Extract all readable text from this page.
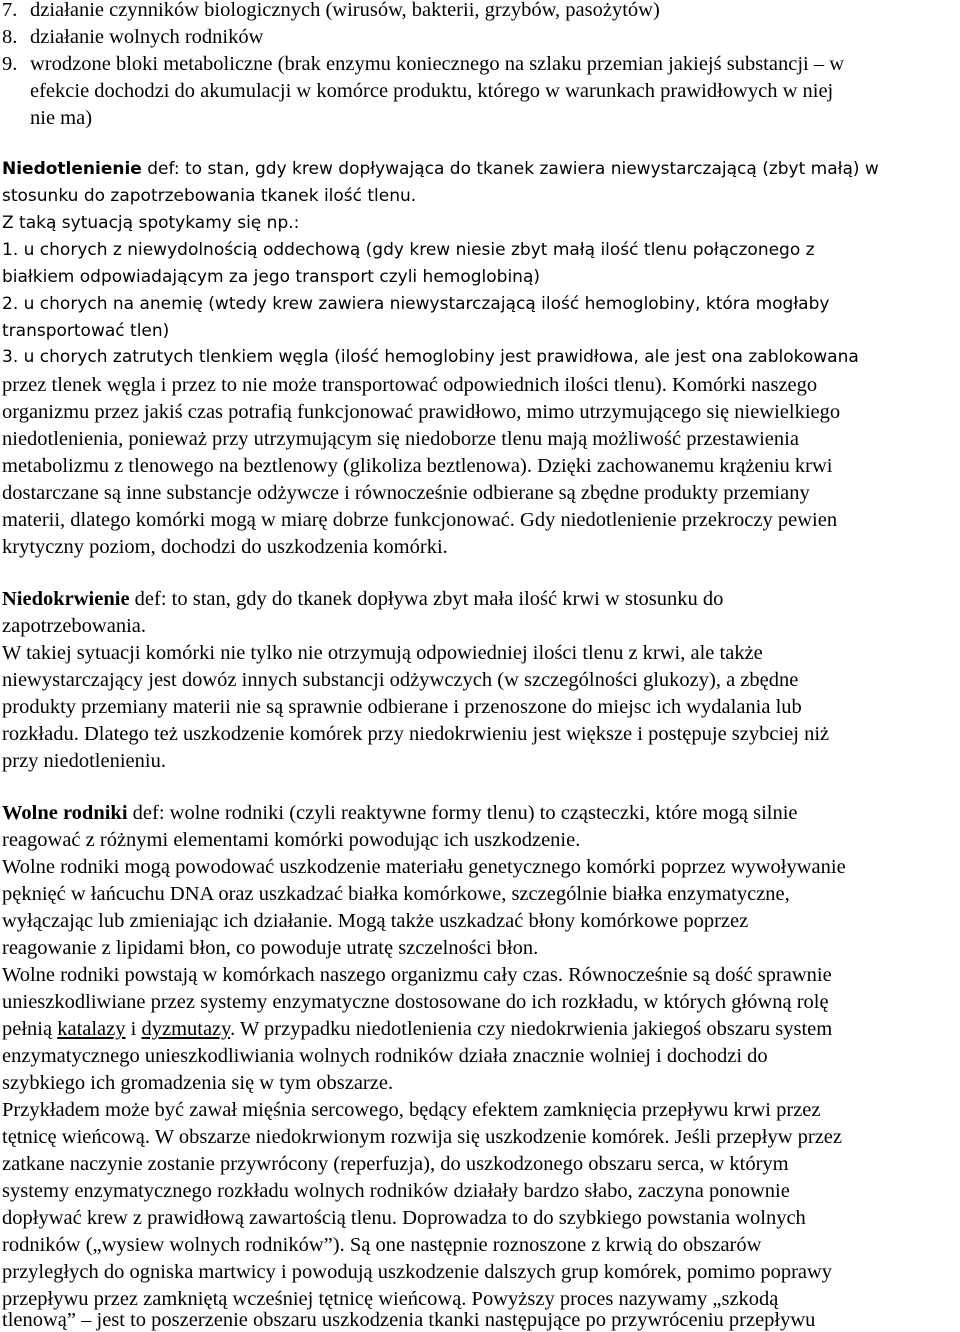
7. działanie czynników biologicznych (wirusów, bakterii, grzybów, pasożytów)
8. działanie wolnych rodników
9. wrodzone bloki metaboliczne (brak enzymu koniecznego na szlaku przemian jakiejś substancji – w
efekcie dochodzi do akumulacji w komórce produktu, którego w warunkach prawidłowych w niej
nie ma)
Niedotlenienie def: to stan, gdy krew dopływająca do tkanek zawiera niewystarczającą (zbyt małą) w
stosunku do zapotrzebowania tkanek ilość tlenu.
Z taką sytuacją spotykamy się np.:
1. u chorych z niewydolnością oddechową (gdy krew niesie zbyt małą ilość tlenu połączonego z
białkiem odpowiadającym za jego transport czyli hemoglobiną)
2. u chorych na anemię (wtedy krew zawiera niewystarczającą ilość hemoglobiny, która mogłaby
transportować tlen)
3. u chorych zatrutych tlenkiem węgla (ilość hemoglobiny jest prawidłowa, ale jest ona zablokowana
przez tlenek węgla i przez to nie może transportować odpowiednich ilości tlenu). Komórki naszego
organizmu przez jakiś czas potrafią funkcjonować prawidłowo, mimo utrzymującego się niewielkiego
niedotlenienia, ponieważ przy utrzymującym się niedoborze tlenu mają możliwość przestawienia
metabolizmu z tlenowego na beztlenowy (glikoliza beztlenowa). Dzięki zachowanemu krążeniu krwi
dostarczane są inne substancje odżywcze i równocześnie odbierane są zbędne produkty przemiany
materii, dlatego komórki mogą w miarę dobrze funkcjonować. Gdy niedotlenienie przekroczy pewien
krytyczny poziom, dochodzi do uszkodzenia komórki.
Niedokrwienie def: to stan, gdy do tkanek dopływa zbyt mała ilość krwi w stosunku do
zapotrzebowania.
W takiej sytuacji komórki nie tylko nie otrzymują odpowiedniej ilości tlenu z krwi, ale także
niewystarczający jest dowóz innych substancji odżywczych (w szczególności glukozy), a zbędne
produkty przemiany materii nie są sprawnie odbierane i przenoszone do miejsc ich wydalania lub
rozkładu. Dlatego też uszkodzenie komórek przy niedokrwieniu jest większe i postępuje szybciej niż
przy niedotlenieniu.
Wolne rodniki def: wolne rodniki (czyli reaktywne formy tlenu) to cząsteczki, które mogą silnie
reagować z różnymi elementami komórki powodując ich uszkodzenie.
Wolne rodniki mogą powodować uszkodzenie materiału genetycznego komórki poprzez wywoływanie
pęknięć w łańcuchu DNA oraz uszkadzać białka komórkowe, szczególnie białka enzymatyczne,
wyłączając lub zmieniając ich działanie. Mogą także uszkadzać błony komórkowe poprzez
reagowanie z lipidami błon, co powoduje utratę szczelności błon.
Wolne rodniki powstają w komórkach naszego organizmu cały czas. Równocześnie są dość sprawnie
unieszkodliwiane przez systemy enzymatyczne dostosowane do ich rozkładu, w których główną rolę
pełnią katalazy i dyzmutazy. W przypadku niedotlenienia czy niedokrwienia jakiegoś obszaru system
enzymatycznego unieszkodliwiania wolnych rodników działa znacznie wolniej i dochodzi do
szybkiego ich gromadzenia się w tym obszarze.
Przykładem może być zawał mięśnia sercowego, będący efektem zamknięcia przepływu krwi przez
tętnicę wieńcową. W obszarze niedokrwionym rozwija się uszkodzenie komórek. Jeśli przepływ przez
zatkane naczynie zostanie przywrócony (reperfuzja), do uszkodzonego obszaru serca, w którym
systemy enzymatycznego rozkładu wolnych rodników działały bardzo słabo, zaczyna ponownie
dopływać krew z prawidłową zawartością tlenu. Doprowadza to do szybkiego powstania wolnych
rodników („wysiew wolnych rodników”). Są one następnie roznoszone z krwią do obszarów
przyległych do ogniska martwicy i powodują uszkodzenie dalszych grup komórek, pomimo poprawy
przepływu przez zamkniętą wcześniej tętnicę wieńcową. Powyższy proces nazywamy „szkodą
tlenową” – jest to poszerzenie obszaru uszkodzenia tkanki następujące po przywróceniu przepływu
